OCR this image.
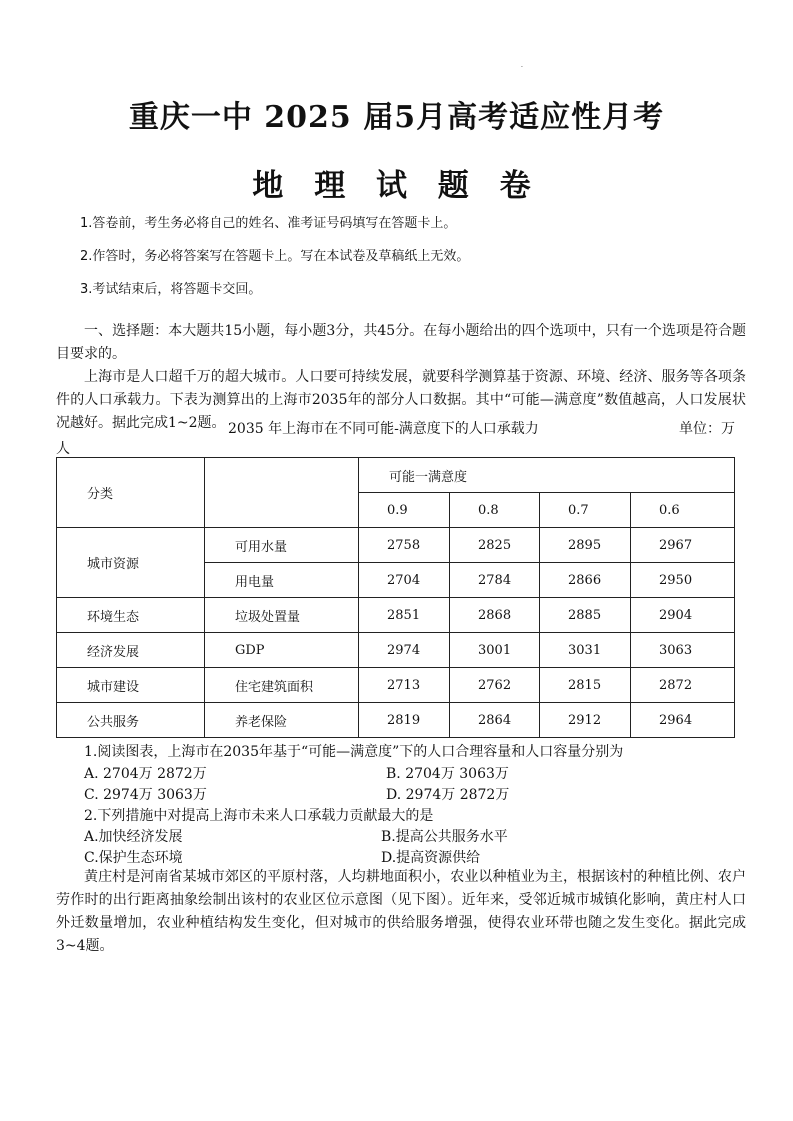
.
重庆一中 2025 届5月高考适应性月考
地 理 试 题 卷
1.答卷前，考生务必将自己的姓名、准考证号码填写在答题卡上。
2.作答时，务必将答案写在答题卡上。写在本试卷及草稿纸上无效。
3.考试结束后，将答题卡交回。

一、选择题：本大题共15小题，每小题3分，共45分。在每小题给出的四个选项中，只有一个选项是符合题目要求的。

上海市是人口超千万的超大城市。人口要可持续发展，就要科学测算基于资源、环境、经济、服务等各项条件的人口承载力。下表为测算出的上海市2035年的部分人口数据。其中“可能—满意度”数值越高，人口发展状况越好。据此完成1~2题。 2035 年上海市在不同可能-满意度下的人口承载力	单位：万
人
分类		可能一满意度			
		0.9	0.8	0.7	0.6
城市资源	可用水量	2758	2825	2895	2967
	用电量	2704	2784	2866	2950
环境生态	垃圾处置量	2851	2868	2885	2904
经济发展	GDP	2974	3001	3031	3063
城市建设	住宅建筑面积	2713	2762	2815	2872
公共服务	养老保险	2819	2864	2912	2964
1.阅读图表，上海市在2035年基于“可能—满意度”下的人口合理容量和人口容量分别为
A. 2704万 2872万	B. 2704万 3063万
C. 2974万 3063万	D. 2974万 2872万
2.下列措施中对提高上海市未来人口承载力贡献最大的是
A.加快经济发展	B.提高公共服务水平
C.保护生态环境	D.提高资源供给

黄庄村是河南省某城市郊区的平原村落，人均耕地面积小，农业以种植业为主，根据该村的种植比例、农户劳作时的出行距离抽象绘制出该村的农业区位示意图（见下图）。近年来，受邻近城市城镇化影响，黄庄村人口外迁数量增加，农业种植结构发生变化，但对城市的供给服务增强，使得农业环带也随之发生变化。据此完成3~4题。
